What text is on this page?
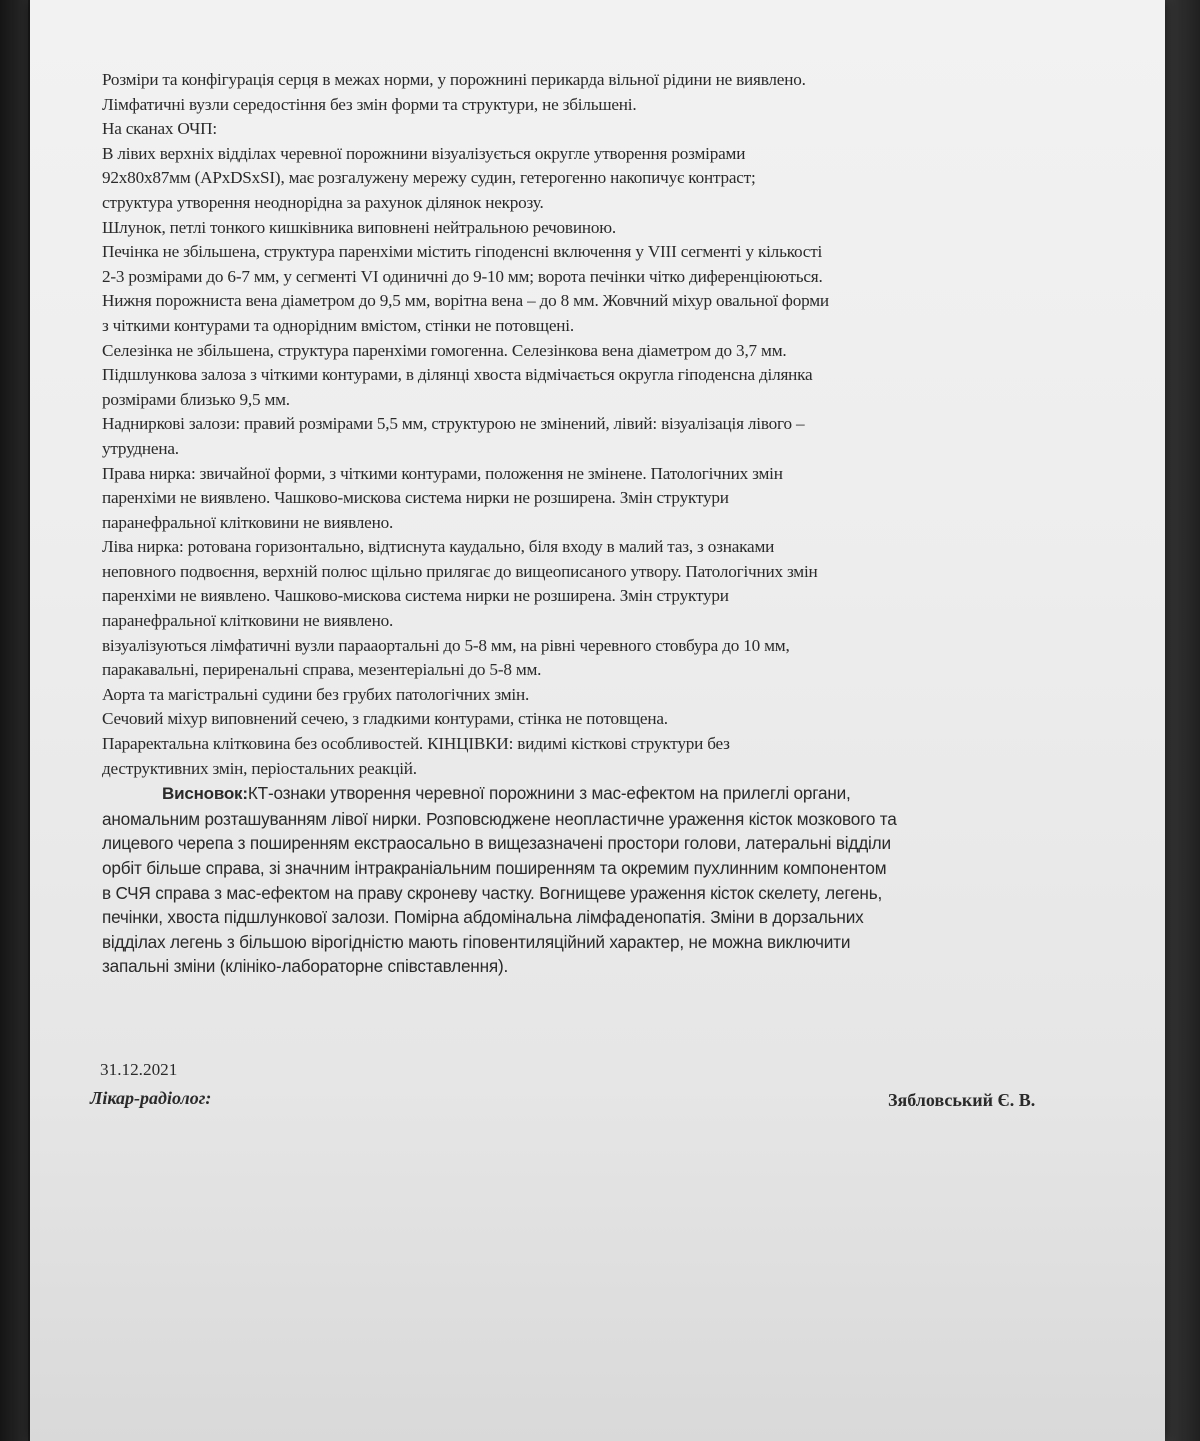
Розміри та конфігурація серця в межах норми, у порожнині перикарда вільної рідини не виявлено.
Лімфатичні вузли середостіння без змін форми та структури, не збільшені.
На сканах ОЧП:
В лівих верхніх відділах черевної порожнини візуалізується округле утворення розмірами
92x80x87мм (APxDSxSI), має розгалужену мережу судин, гетерогенно накопичує контраст;
структура утворення неоднорідна за рахунок ділянок некрозу.
Шлунок, петлі тонкого кишківника виповнені нейтральною речовиною.
Печінка не збільшена, структура паренхіми містить гіподенсні включення у VIII сегменті у кількості
2-3 розмірами до 6-7 мм, у сегменті VI одиничні до 9-10 мм; ворота печінки чітко диференціюються.
Нижня порожниста вена діаметром до 9,5 мм, ворітна вена – до 8 мм. Жовчний міхур овальної форми
з чіткими контурами та однорідним вмістом, стінки не потовщені.
Селезінка не збільшена, структура паренхіми гомогенна. Селезінкова вена діаметром до 3,7 мм.
Підшлункова залоза з чіткими контурами, в ділянці хвоста відмічається округла гіподенсна ділянка
розмірами близько 9,5 мм.
Надниркові залози: правий розмірами 5,5 мм, структурою не змінений, лівий: візуалізація лівого –
утруднена.
Права нирка: звичайної форми, з чіткими контурами, положення не змінене. Патологічних змін
паренхіми не виявлено. Чашково-мискова система нирки не розширена. Змін структури
паранефральної клітковини не виявлено.
Ліва нирка: ротована горизонтально, відтиснута каудально, біля входу в малий таз, з ознаками
неповного подвоєння, верхній полюс щільно прилягає до вищеописаного утвору. Патологічних змін
паренхіми не виявлено. Чашково-мискова система нирки не розширена. Змін структури
паранефральної клітковини не виявлено.
візуалізуються лімфатичні вузли парааортальні до 5-8 мм, на рівні черевного стовбура до 10 мм,
паракавальні, периренальні справа, мезентеріальні до 5-8 мм.
Аорта та магістральні судини без грубих патологічних змін.
Сечовий міхур виповнений сечею, з гладкими контурами, стінка не потовщена.
Параректальна клітковина без особливостей. КІНЦІВКИ: видимі кісткові структури без
деструктивних змін, періостальних реакцій.
Висновок:КТ-ознаки утворення черевної порожнини з мас-ефектом на прилеглі органи,
аномальним розташуванням лівої нирки. Розповсюджене неопластичне ураження кісток мозкового та
лицевого черепа з поширенням екстраосально в вищезазначені простори голови, латеральні відділи
орбіт більше справа, зі значним інтракраніальним поширенням та окремим пухлинним компонентом
в СЧЯ справа з мас-ефектом на праву скроневу частку. Вогнищеве ураження кісток скелету, легень,
печінки, хвоста підшлункової залози. Помірна абдомінальна лімфаденопатія. Зміни в дорзальних
відділах легень з більшою вірогідністю мають гіповентиляційний характер, не можна виключити
запальні зміни (клініко-лабораторне співставлення).
31.12.2021
Лікар-радіолог:	Зябловський Є. В.
